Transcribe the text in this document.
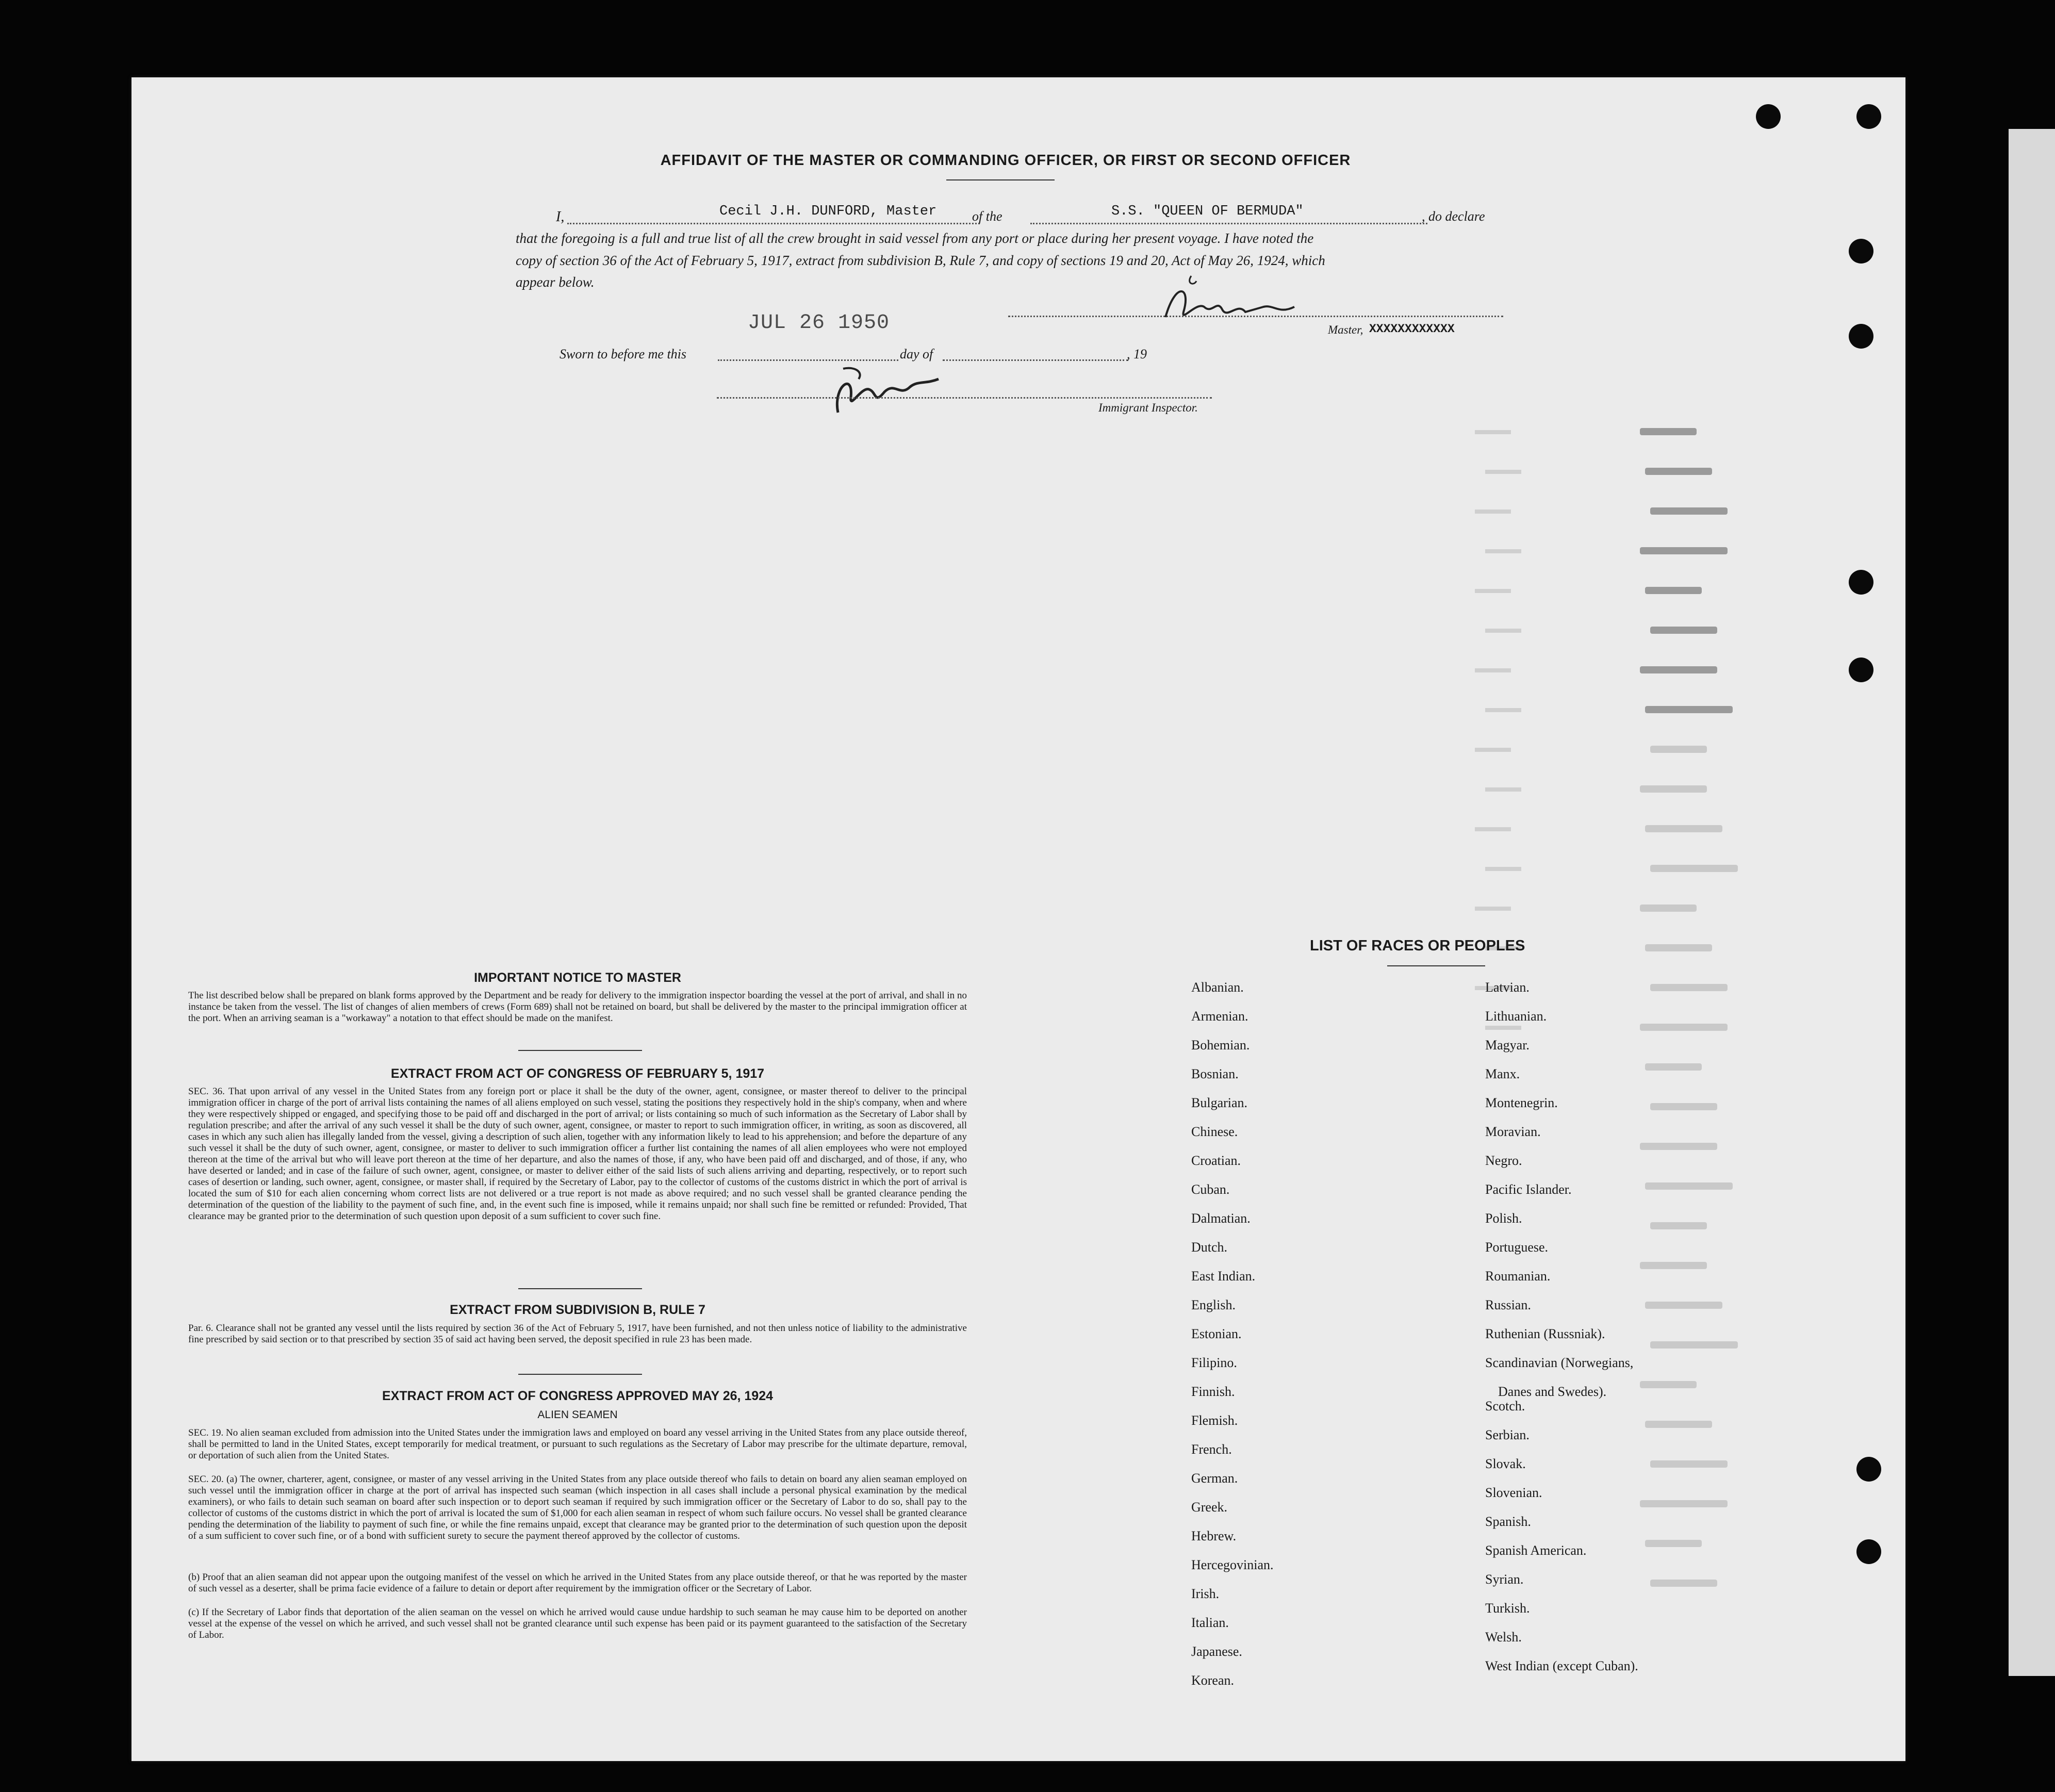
AFFIDAVIT OF THE MASTER OR COMMANDING OFFICER, OR FIRST OR SECOND OFFICER
I,	Cecil J.H. DUNFORD, Master	of the	S.S. "QUEEN OF BERMUDA"	, do declare
that the foregoing is a full and true list of all the crew brought in said vessel from any port or place during her present voyage. I have noted the
copy of section 36 of the Act of February 5, 1917, extract from subdivision B, Rule 7, and copy of sections 19 and 20, Act of May 26, 1924, which
appear below.
Master, XXXXXXXXXXXX
JUL 26 1950
Sworn to before me this	day of	, 19
Immigrant Inspector.
IMPORTANT NOTICE TO MASTER

The list described below shall be prepared on blank forms approved by the Department and be ready for delivery to the immigration inspector boarding the vessel at the port of arrival, and shall in no instance be taken from the vessel. The list of changes of alien members of crews (Form 689) shall not be retained on board, but shall be delivered by the master to the principal immigration officer at the port. When an arriving seaman is a "workaway" a notation to that effect should be made on the manifest.

EXTRACT FROM ACT OF CONGRESS OF FEBRUARY 5, 1917

SEC. 36. That upon arrival of any vessel in the United States from any foreign port or place it shall be the duty of the owner, agent, consignee, or master thereof to deliver to the principal immigration officer in charge of the port of arrival lists containing the names of all aliens employed on such vessel, stating the positions they respectively hold in the ship's company, when and where they were respectively shipped or engaged, and specifying those to be paid off and discharged in the port of arrival; or lists containing so much of such information as the Secretary of Labor shall by regulation prescribe; and after the arrival of any such vessel it shall be the duty of such owner, agent, consignee, or master to report to such immigration officer, in writing, as soon as discovered, all cases in which any such alien has illegally landed from the vessel, giving a description of such alien, together with any information likely to lead to his apprehension; and before the departure of any such vessel it shall be the duty of such owner, agent, consignee, or master to deliver to such immigration officer a further list containing the names of all alien employees who were not employed thereon at the time of the arrival but who will leave port thereon at the time of her departure, and also the names of those, if any, who have been paid off and discharged, and of those, if any, who have deserted or landed; and in case of the failure of such owner, agent, consignee, or master to deliver either of the said lists of such aliens arriving and departing, respectively, or to report such cases of desertion or landing, such owner, agent, consignee, or master shall, if required by the Secretary of Labor, pay to the collector of customs of the customs district in which the port of arrival is located the sum of $10 for each alien concerning whom correct lists are not delivered or a true report is not made as above required; and no such vessel shall be granted clearance pending the determination of the question of the liability to the payment of such fine, and, in the event such fine is imposed, while it remains unpaid; nor shall such fine be remitted or refunded: Provided, That clearance may be granted prior to the determination of such question upon deposit of a sum sufficient to cover such fine.

EXTRACT FROM SUBDIVISION B, RULE 7

Par. 6. Clearance shall not be granted any vessel until the lists required by section 36 of the Act of February 5, 1917, have been furnished, and not then unless notice of liability to the administrative fine prescribed by said section or to that prescribed by section 35 of said act having been served, the deposit specified in rule 23 has been made.

EXTRACT FROM ACT OF CONGRESS APPROVED MAY 26, 1924
ALIEN SEAMEN

SEC. 19. No alien seaman excluded from admission into the United States under the immigration laws and employed on board any vessel arriving in the United States from any place outside thereof, shall be permitted to land in the United States, except temporarily for medical treatment, or pursuant to such regulations as the Secretary of Labor may prescribe for the ultimate departure, removal, or deportation of such alien from the United States.

SEC. 20. (a) The owner, charterer, agent, consignee, or master of any vessel arriving in the United States from any place outside thereof who fails to detain on board any alien seaman employed on such vessel until the immigration officer in charge at the port of arrival has inspected such seaman (which inspection in all cases shall include a personal physical examination by the medical examiners), or who fails to detain such seaman on board after such inspection or to deport such seaman if required by such immigration officer or the Secretary of Labor to do so, shall pay to the collector of customs of the customs district in which the port of arrival is located the sum of $1,000 for each alien seaman in respect of whom such failure occurs. No vessel shall be granted clearance pending the determination of the liability to payment of such fine, or while the fine remains unpaid, except that clearance may be granted prior to the determination of such question upon the deposit of a sum sufficient to cover such fine, or of a bond with sufficient surety to secure the payment thereof approved by the collector of customs.

(b) Proof that an alien seaman did not appear upon the outgoing manifest of the vessel on which he arrived in the United States from any place outside thereof, or that he was reported by the master of such vessel as a deserter, shall be prima facie evidence of a failure to detain or deport after requirement by the immigration officer or the Secretary of Labor.

(c) If the Secretary of Labor finds that deportation of the alien seaman on the vessel on which he arrived would cause undue hardship to such seaman he may cause him to be deported on another vessel at the expense of the vessel on which he arrived, and such vessel shall not be granted clearance until such expense has been paid or its payment guaranteed to the satisfaction of the Secretary of Labor.

LIST OF RACES OR PEOPLES
Albanian.
Armenian.
Bohemian.
Bosnian.
Bulgarian.
Chinese.
Croatian.
Cuban.
Dalmatian.
Dutch.
East Indian.
English.
Estonian.
Filipino.
Finnish.
Flemish.
French.
German.
Greek.
Hebrew.
Hercegovinian.
Irish.
Italian.
Japanese.
Korean.
Latvian.
Lithuanian.
Magyar.
Manx.
Montenegrin.
Moravian.
Negro.
Pacific Islander.
Polish.
Portuguese.
Roumanian.
Russian.
Ruthenian (Russniak).
Scandinavian (Norwegians,
Danes and Swedes).
Scotch.
Serbian.
Slovak.
Slovenian.
Spanish.
Spanish American.
Syrian.
Turkish.
Welsh.
West Indian (except Cuban).
